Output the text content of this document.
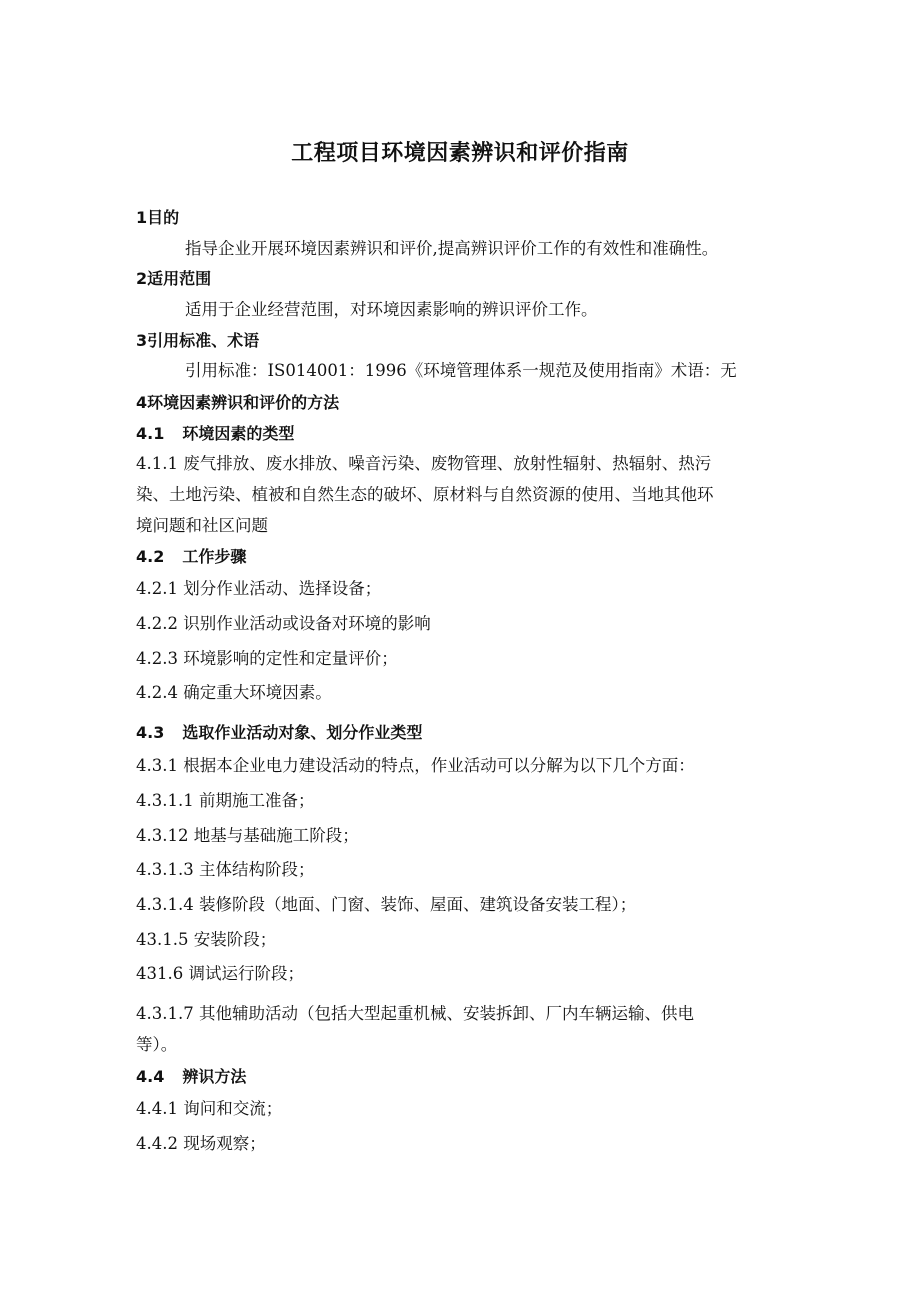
工程项目环境因素辨识和评价指南
1目的
指导企业开展环境因素辨识和评价,提高辨识评价工作的有效性和准确性。
2适用范围
适用于企业经营范围，对环境因素影响的辨识评价工作。
3引用标准、术语
引用标准：IS014001：1996《环境管理体系一规范及使用指南》术语：无
4环境因素辨识和评价的方法
4.1 环境因素的类型
4.1.1 废气排放、废水排放、噪音污染、废物管理、放射性辐射、热辐射、热污
染、土地污染、植被和自然生态的破坏、原材料与自然资源的使用、当地其他环
境问题和社区问题
4.2 工作步骤
4.2.1 划分作业活动、选择设备；
4.2.2 识别作业活动或设备对环境的影响
4.2.3 环境影响的定性和定量评价；
4.2.4 确定重大环境因素。
4.3 选取作业活动对象、划分作业类型
4.3.1 根据本企业电力建设活动的特点，作业活动可以分解为以下几个方面：
4.3.1.1 前期施工准备；
4.3.12 地基与基础施工阶段；
4.3.1.3 主体结构阶段；
4.3.1.4 装修阶段（地面、门窗、装饰、屋面、建筑设备安装工程）；
43.1.5 安装阶段；
431.6 调试运行阶段；
4.3.1.7 其他辅助活动（包括大型起重机械、安装拆卸、厂内车辆运输、供电
等）。
4.4 辨识方法
4.4.1 询问和交流；
4.4.2 现场观察；
